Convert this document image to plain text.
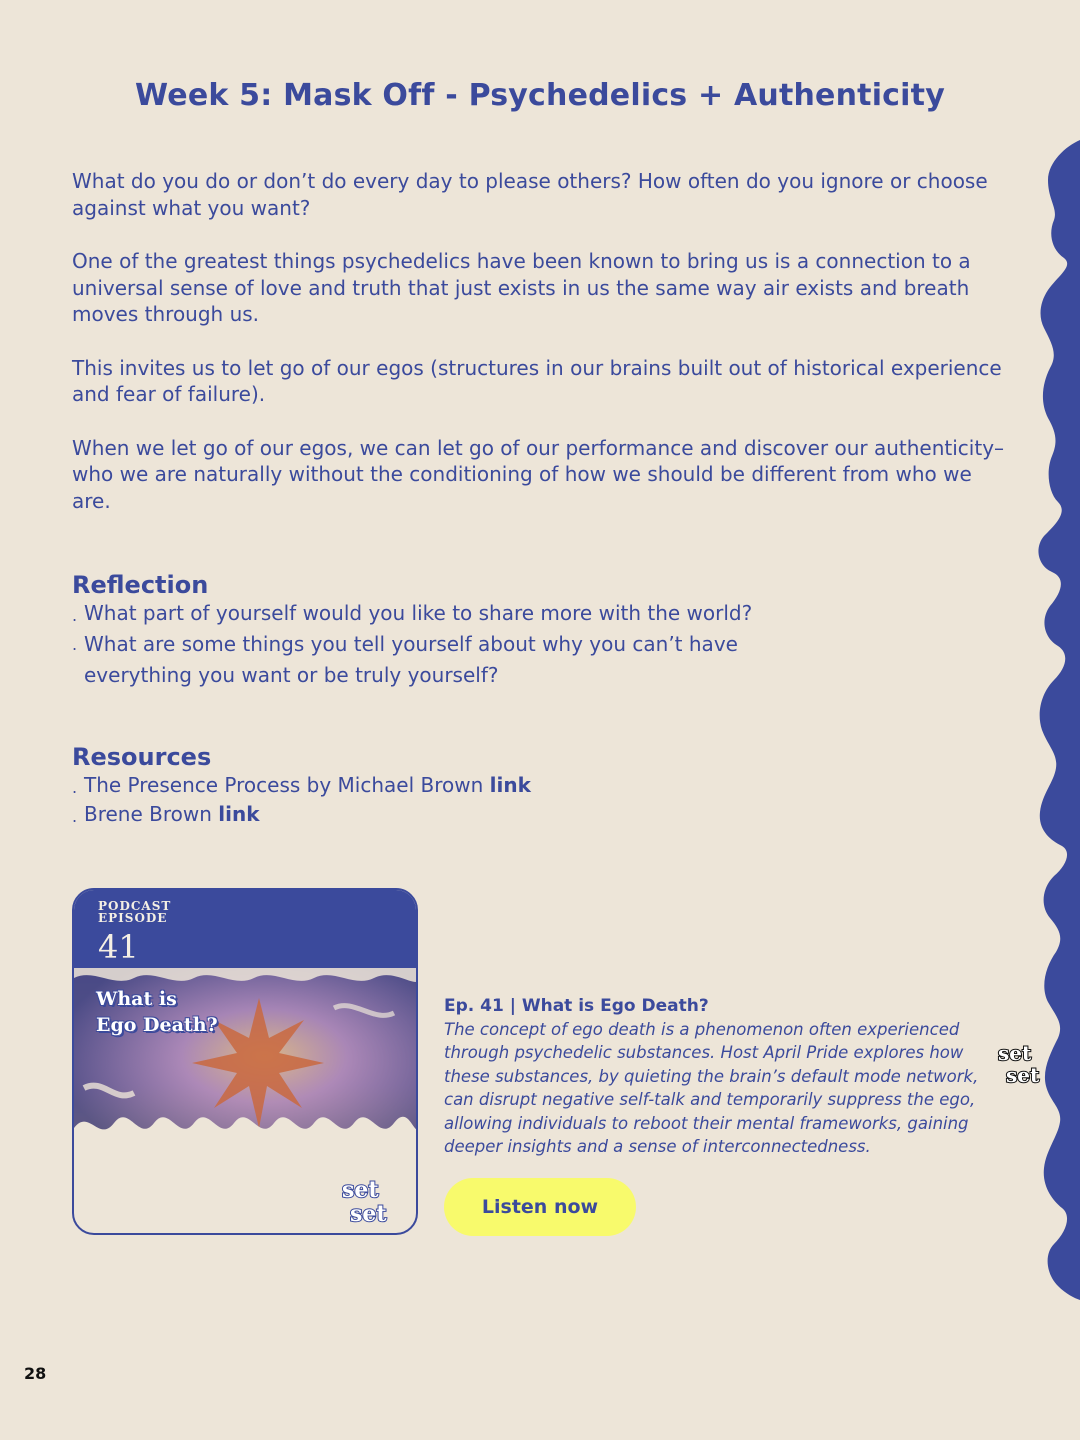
Week 5: Mask Off - Psychedelics + Authenticity

What do you do or don’t do every day to please others? How often do you ignore or choose against what you want?

One of the greatest things psychedelics have been known to bring us is a connection to a universal sense of love and truth that just exists in us the same way air exists and breath moves through us.

This invites us to let go of our egos (structures in our brains built out of historical experience and fear of failure).

When we let go of our egos, we can let go of our performance and discover our authenticity–who we are naturally without the conditioning of how we should be different from who we are.

Reflection
. What part of yourself would you like to share more with the world?
. What are some things you tell yourself about why you can’t have everything you want or be truly yourself?
Resources
. The Presence Process by Michael Brown link
. Brene Brown link
PODCAST
EPISODE
41
What is
Ego Death?
set
set
Ep. 41 | What is Ego Death?
The concept of ego death is a phenomenon often experienced through psychedelic substances. Host April Pride explores how these substances, by quieting the brain’s default mode network, can disrupt negative self-talk and temporarily suppress the ego, allowing individuals to reboot their mental frameworks, gaining deeper insights and a sense of interconnectedness.
Listen now
28
set
set
